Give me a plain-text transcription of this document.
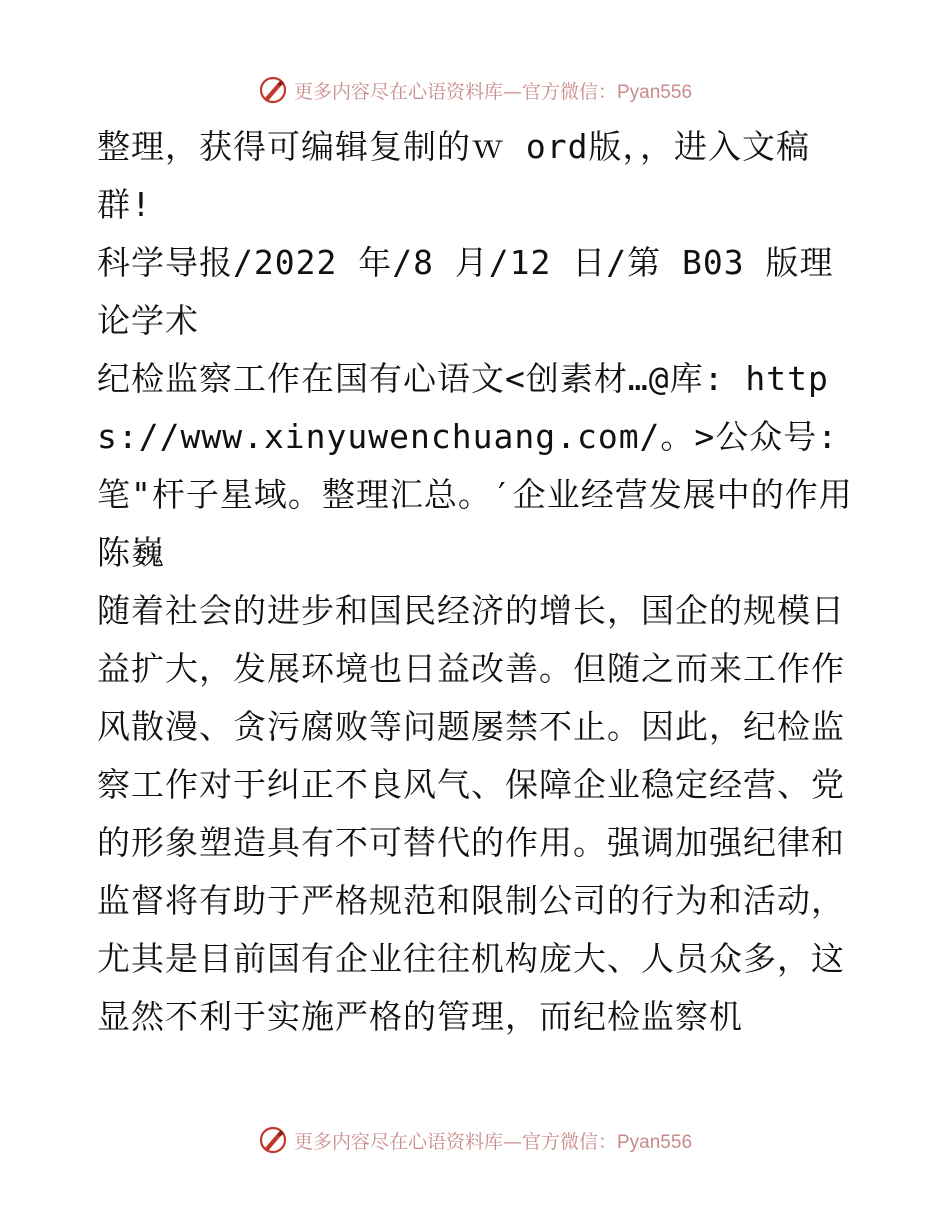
更多内容尽在心语资料库—官方微信：Pyan556

整理，获得可编辑复制的ｗ ord版，，进入文稿群!

科学导报/2022 年/8 月/12 日/第 B03 版理论学术

纪检监察工作在国有心语文<创素材…@库: https://www.xinyuwenchuang.com/。>公众号: 笔"杆子星域。整理汇总。′企业经营发展中的作用

陈巍

随着社会的进步和国民经济的增长，国企的规模日益扩大，发展环境也日益改善。但随之而来工作作风散漫、贪污腐败等问题屡禁不止。因此，纪检监察工作对于纠正不良风气、保障企业稳定经营、党的形象塑造具有不可替代的作用。强调加强纪律和监督将有助于严格规范和限制公司的行为和活动，尤其是目前国有企业往往机构庞大、人员众多，这显然不利于实施严格的管理，而纪检监察机

更多内容尽在心语资料库—官方微信：Pyan556
